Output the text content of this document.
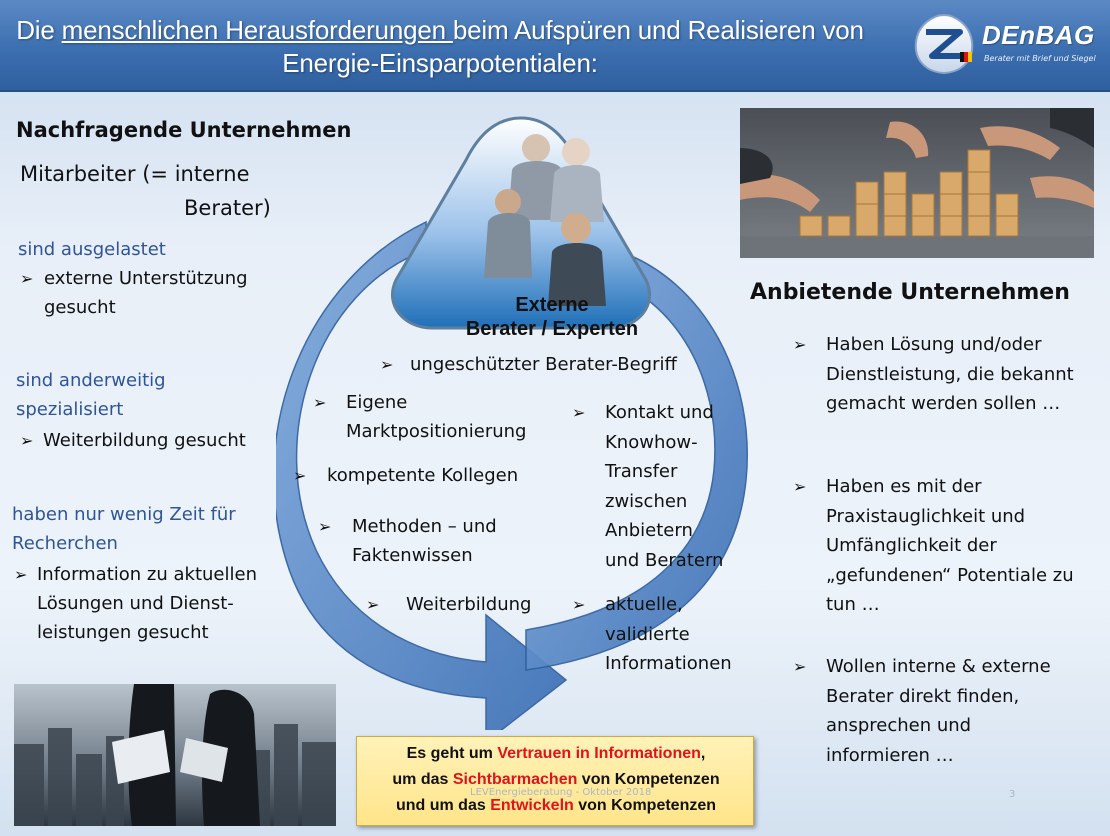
Die menschlichen Herausforderungen beim Aufspüren und Realisieren von
Energie-Einsparpotentialen:
DEnBAG
Berater mit Brief und Siegel
Nachfragende Unternehmen
Mitarbeiter (= interne
Berater)
sind ausgelastet
➢ externe Unterstützung
gesucht
sind anderweitig
spezialisiert
➢ Weiterbildung gesucht
haben nur wenig Zeit für
Recherchen
➢ Information zu aktuellen
Lösungen und Dienst-
leistungen gesucht
Externe
Berater / Experten
➢ ungeschützter Berater-Begriff
➢ Eigene
Marktpositionierung
➢ kompetente Kollegen
➢ Methoden – und
Faktenwissen
➢ Weiterbildung
➢ Kontakt und
Knowhow-
Transfer
zwischen
Anbietern
und Beratern
➢ aktuelle,
validierte
Informationen
Anbietende Unternehmen
➢ Haben Lösung und/oder
Dienstleistung, die bekannt
gemacht werden sollen …
➢ Haben es mit der
Praxistauglichkeit und
Umfänglichkeit der
„gefundenen“ Potentiale zu
tun …
➢ Wollen interne & externe
Berater direkt finden,
ansprechen und
informieren …
Es geht um Vertrauen in Informationen,
um das Sichtbarmachen von Kompetenzen
und um das Entwickeln von Kompetenzen
LEVEnergieberatung - Oktober 2018	3
